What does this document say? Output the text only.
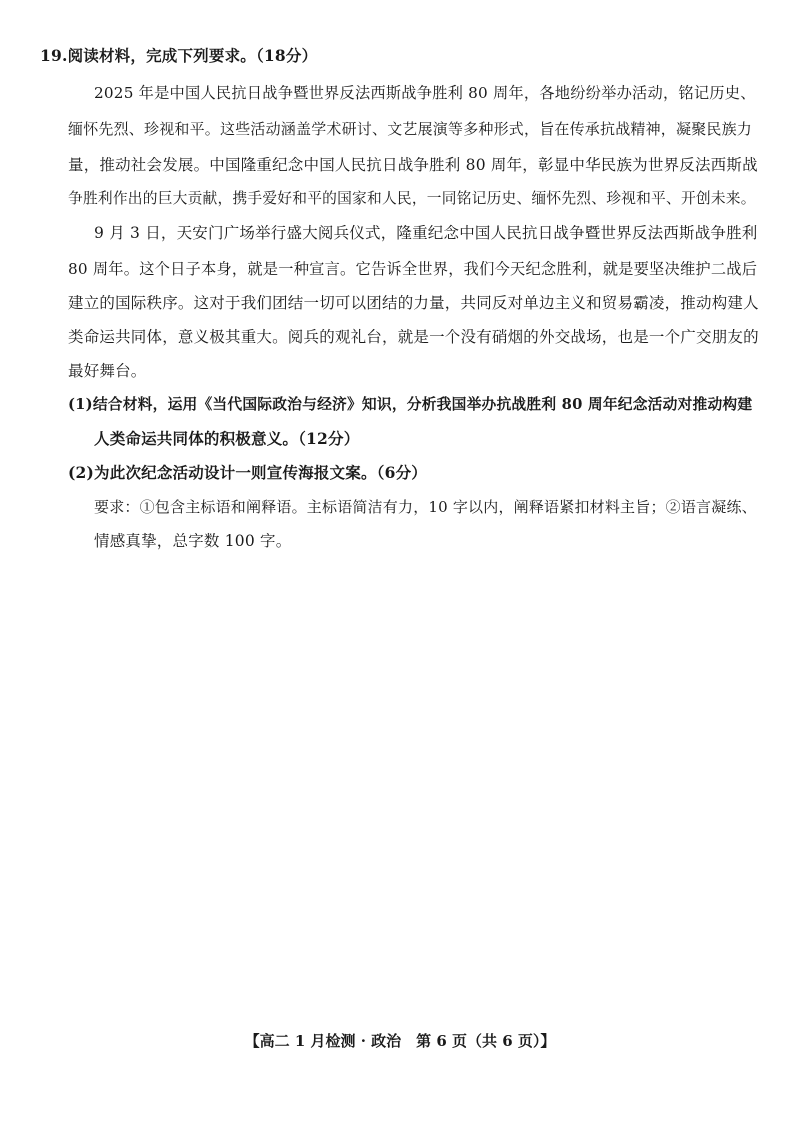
19.阅读材料，完成下列要求。（18分）
2025 年是中国人民抗日战争暨世界反法西斯战争胜利 80 周年，各地纷纷举办活动，铭记历史、
缅怀先烈、珍视和平。这些活动涵盖学术研讨、文艺展演等多种形式，旨在传承抗战精神，凝聚民族力
量，推动社会发展。中国隆重纪念中国人民抗日战争胜利 80 周年，彰显中华民族为世界反法西斯战
争胜利作出的巨大贡献，携手爱好和平的国家和人民，一同铭记历史、缅怀先烈、珍视和平、开创未来。
9 月 3 日，天安门广场举行盛大阅兵仪式，隆重纪念中国人民抗日战争暨世界反法西斯战争胜利
80 周年。这个日子本身，就是一种宣言。它告诉全世界，我们今天纪念胜利，就是要坚决维护二战后
建立的国际秩序。这对于我们团结一切可以团结的力量，共同反对单边主义和贸易霸凌，推动构建人
类命运共同体，意义极其重大。阅兵的观礼台，就是一个没有硝烟的外交战场，也是一个广交朋友的
最好舞台。
(1)结合材料，运用《当代国际政治与经济》知识，分析我国举办抗战胜利 80 周年纪念活动对推动构建
人类命运共同体的积极意义。（12分）
(2)为此次纪念活动设计一则宣传海报文案。（6分）
要求：①包含主标语和阐释语。主标语简洁有力，10 字以内，阐释语紧扣材料主旨；②语言凝练、
情感真挚，总字数 100 字。
【高二 1 月检测 · 政治　第 6 页（共 6 页）】
